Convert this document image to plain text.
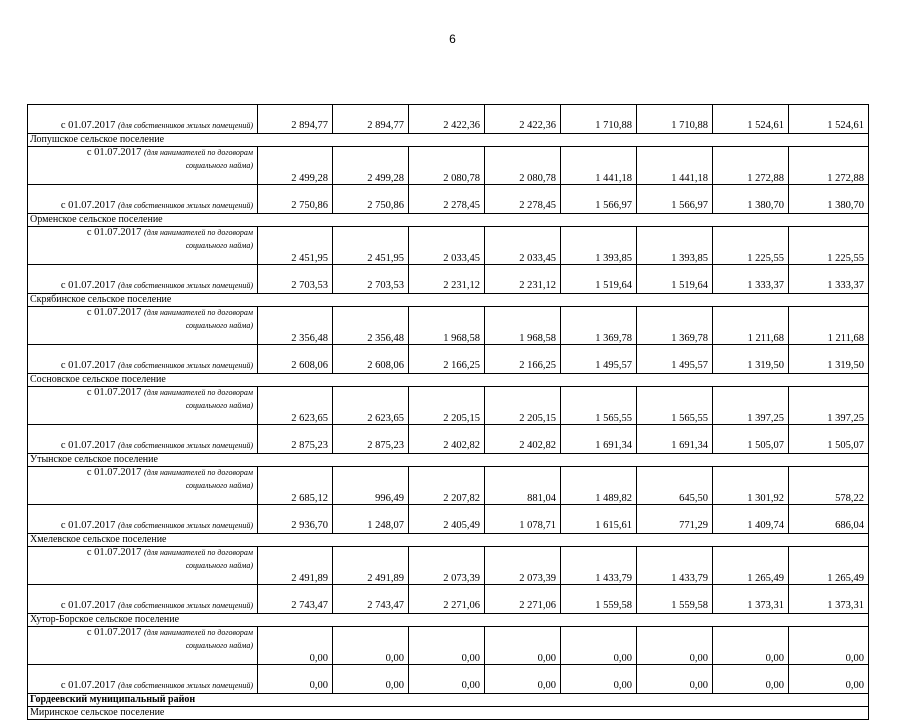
6
с 01.07.2017 (для собственников жилых помещений)	2 894,77	2 894,77	2 422,36	2 422,36	1 710,88	1 710,88	1 524,61	1 524,61
Лопушское сельское поселение								
с 01.07.2017 (для нанимателей по договорам
социального найма)	2 499,28	2 499,28	2 080,78	2 080,78	1 441,18	1 441,18	1 272,88	1 272,88
с 01.07.2017 (для собственников жилых помещений)	2 750,86	2 750,86	2 278,45	2 278,45	1 566,97	1 566,97	1 380,70	1 380,70
Орменское сельское поселение								
с 01.07.2017 (для нанимателей по договорам
социального найма)	2 451,95	2 451,95	2 033,45	2 033,45	1 393,85	1 393,85	1 225,55	1 225,55
с 01.07.2017 (для собственников жилых помещений)	2 703,53	2 703,53	2 231,12	2 231,12	1 519,64	1 519,64	1 333,37	1 333,37
Скрябинское сельское поселение								
с 01.07.2017 (для нанимателей по договорам
социального найма)	2 356,48	2 356,48	1 968,58	1 968,58	1 369,78	1 369,78	1 211,68	1 211,68
с 01.07.2017 (для собственников жилых помещений)	2 608,06	2 608,06	2 166,25	2 166,25	1 495,57	1 495,57	1 319,50	1 319,50
Сосновское сельское поселение								
с 01.07.2017 (для нанимателей по договорам
социального найма)	2 623,65	2 623,65	2 205,15	2 205,15	1 565,55	1 565,55	1 397,25	1 397,25
с 01.07.2017 (для собственников жилых помещений)	2 875,23	2 875,23	2 402,82	2 402,82	1 691,34	1 691,34	1 505,07	1 505,07
Утынское сельское поселение								
с 01.07.2017 (для нанимателей по договорам
социального найма)	2 685,12	996,49	2 207,82	881,04	1 489,82	645,50	1 301,92	578,22
с 01.07.2017 (для собственников жилых помещений)	2 936,70	1 248,07	2 405,49	1 078,71	1 615,61	771,29	1 409,74	686,04
Хмелевское сельское поселение								
с 01.07.2017 (для нанимателей по договорам
социального найма)	2 491,89	2 491,89	2 073,39	2 073,39	1 433,79	1 433,79	1 265,49	1 265,49
с 01.07.2017 (для собственников жилых помещений)	2 743,47	2 743,47	2 271,06	2 271,06	1 559,58	1 559,58	1 373,31	1 373,31
Хутор-Борское сельское поселение								
с 01.07.2017 (для нанимателей по договорам
социального найма)	0,00	0,00	0,00	0,00	0,00	0,00	0,00	0,00
с 01.07.2017 (для собственников жилых помещений)	0,00	0,00	0,00	0,00	0,00	0,00	0,00	0,00
Гордеевский муниципальный район								
Миринское сельское поселение								
